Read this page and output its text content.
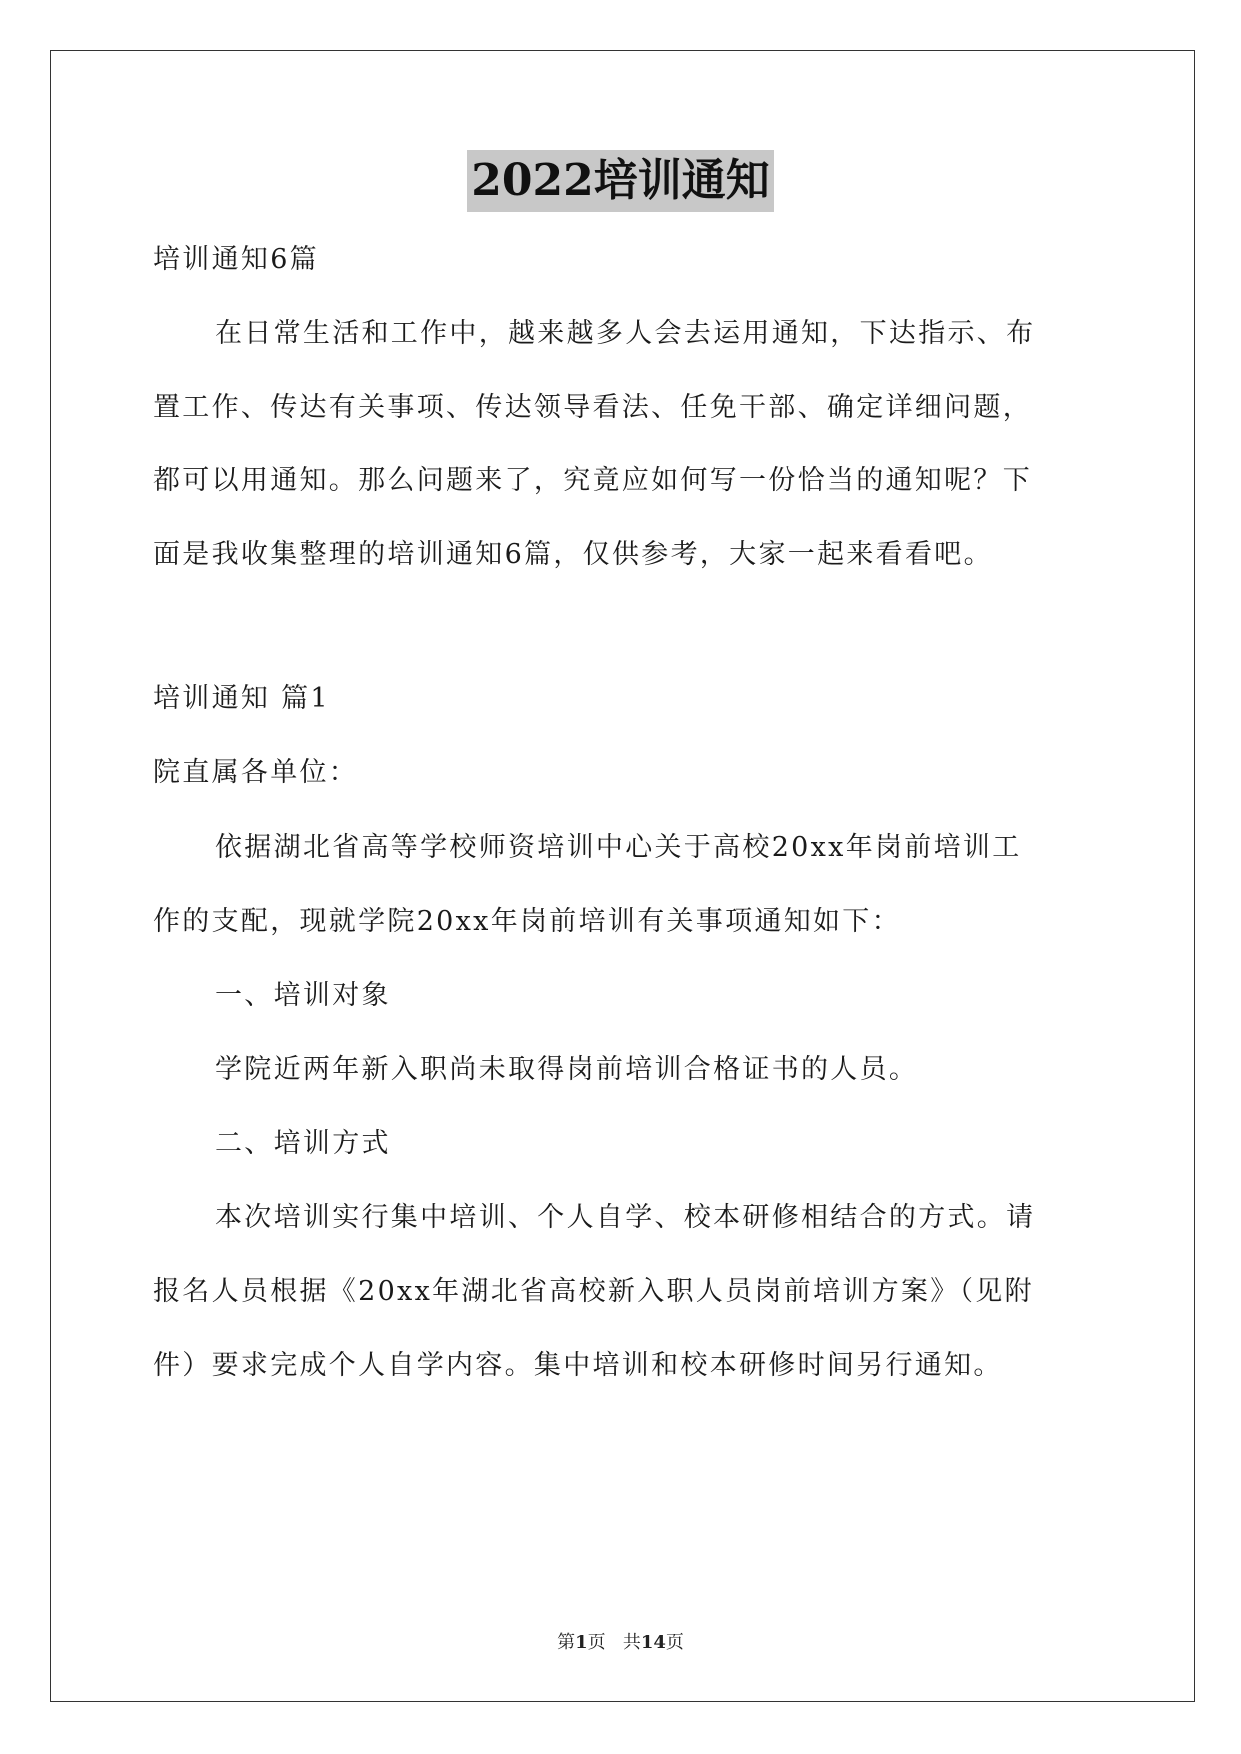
2022培训通知
培训通知6篇
在日常生活和工作中，越来越多人会去运用通知，下达指示、布
置工作、传达有关事项、传达领导看法、任免干部、确定详细问题，
都可以用通知。那么问题来了，究竟应如何写一份恰当的通知呢？下
面是我收集整理的培训通知6篇，仅供参考，大家一起来看看吧。
培训通知 篇1
院直属各单位：
依据湖北省高等学校师资培训中心关于高校20xx年岗前培训工
作的支配，现就学院20xx年岗前培训有关事项通知如下：
一、培训对象
学院近两年新入职尚未取得岗前培训合格证书的人员。
二、培训方式
本次培训实行集中培训、个人自学、校本研修相结合的方式。请
报名人员根据《20xx年湖北省高校新入职人员岗前培训方案》（见附
件）要求完成个人自学内容。集中培训和校本研修时间另行通知。
第1页 共14页
